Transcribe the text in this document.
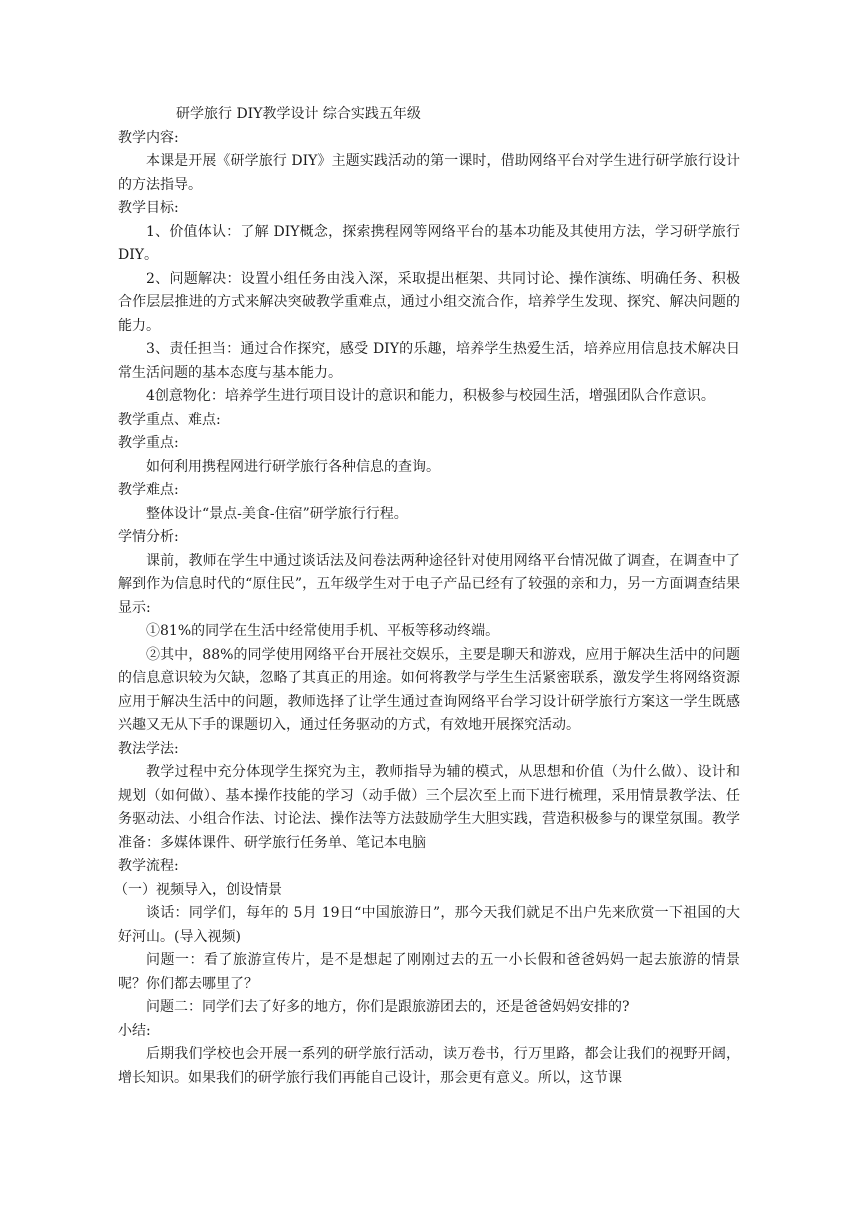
研学旅行 DIY教学设计 综合实践五年级
教学内容:
本课是开展《研学旅行 DIY》主题实践活动的第一课时，借助网络平台对学生进行研学旅行设计的方法指导。
教学目标:
1、价值体认：了解 DIY概念，探索携程网等网络平台的基本功能及其使用方法，学习研学旅行 DIY。
2、问题解决：设置小组任务由浅入深，采取提出框架、共同讨论、操作演练、明确任务、积极合作层层推进的方式来解决突破教学重难点，通过小组交流合作，培养学生发现、探究、解决问题的能力。
3、责任担当：通过合作探究，感受 DIY的乐趣，培养学生热爱生活，培养应用信息技术解决日常生活问题的基本态度与基本能力。
4创意物化：培养学生进行项目设计的意识和能力，积极参与校园生活，增强团队合作意识。
教学重点、难点:
教学重点:
如何利用携程网进行研学旅行各种信息的查询。
教学难点:
整体设计“景点-美食-住宿”研学旅行行程。
学情分析:
课前，教师在学生中通过谈话法及问卷法两种途径针对使用网络平台情况做了调查，在调查中了解到作为信息时代的“原住民”，五年级学生对于电子产品已经有了较强的亲和力，另一方面调查结果显示:
①81%的同学在生活中经常使用手机、平板等移动终端。
②其中，88%的同学使用网络平台开展社交娱乐，主要是聊天和游戏，应用于解决生活中的问题的信息意识较为欠缺，忽略了其真正的用途。如何将教学与学生生活紧密联系，激发学生将网络资源应用于解决生活中的问题，教师选择了让学生通过查询网络平台学习设计研学旅行方案这一学生既感兴趣又无从下手的课题切入，通过任务驱动的方式，有效地开展探究活动。
教法学法:
教学过程中充分体现学生探究为主，教师指导为辅的模式，从思想和价值（为什么做）、设计和规划（如何做）、基本操作技能的学习（动手做）三个层次至上而下进行梳理，采用情景教学法、任务驱动法、小组合作法、讨论法、操作法等方法鼓励学生大胆实践，营造积极参与的课堂氛围。教学准备：多媒体课件、研学旅行任务单、笔记本电脑
教学流程:
（一）视频导入，创设情景
谈话：同学们，每年的 5月 19日“中国旅游日”，那今天我们就足不出户先来欣赏一下祖国的大好河山。(导入视频)
问题一：看了旅游宣传片，是不是想起了刚刚过去的五一小长假和爸爸妈妈一起去旅游的情景呢？你们都去哪里了？
问题二：同学们去了好多的地方，你们是跟旅游团去的，还是爸爸妈妈安排的?
小结:
后期我们学校也会开展一系列的研学旅行活动，读万卷书，行万里路，都会让我们的视野开阔，增长知识。如果我们的研学旅行我们再能自己设计，那会更有意义。所以，这节课
